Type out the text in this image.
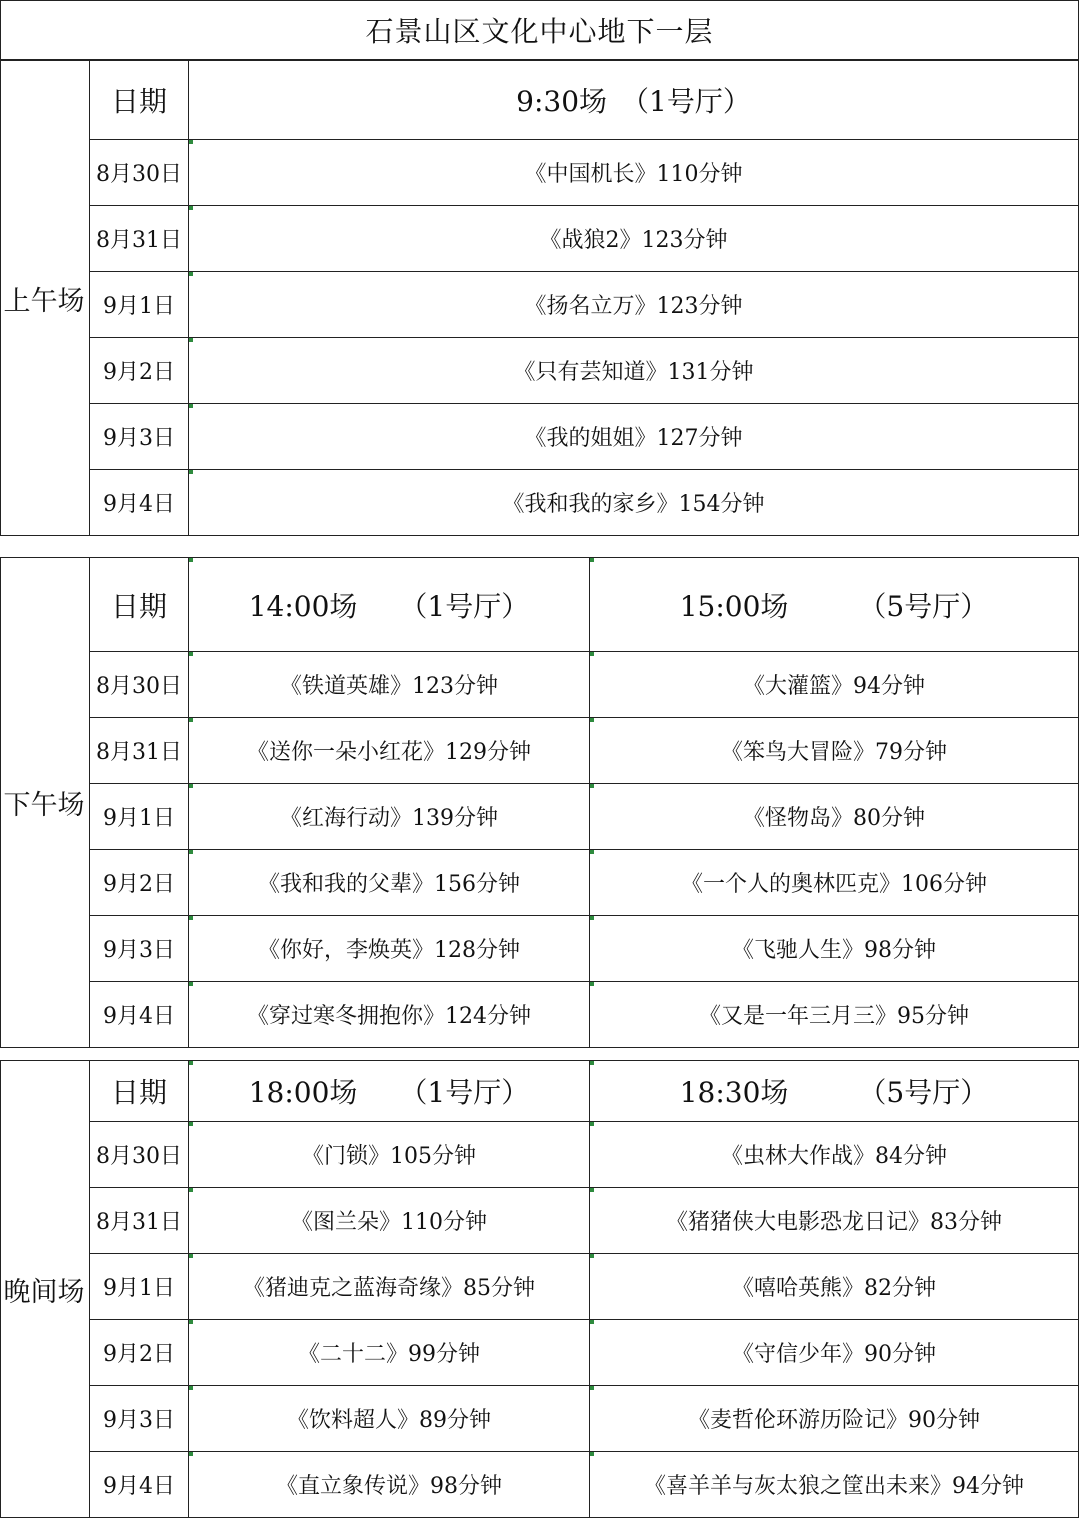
石景山区文化中心地下一层
上午场	日期	9:30场　（1号厅）
	8月30日	《中国机长》110分钟
	8月31日	《战狼2》123分钟
	9月1日	《扬名立万》123分钟
	9月2日	《只有芸知道》131分钟
	9月3日	《我的姐姐》127分钟
	9月4日	《我和我的家乡》154分钟
下午场	日期	14:00场　　（1号厅）	15:00场　　　（5号厅）
	8月30日	《铁道英雄》123分钟	《大灌篮》94分钟
	8月31日	《送你一朵小红花》129分钟	《笨鸟大冒险》79分钟
	9月1日	《红海行动》139分钟	《怪物岛》80分钟
	9月2日	《我和我的父辈》156分钟	《一个人的奥林匹克》106分钟
	9月3日	《你好，李焕英》128分钟	《飞驰人生》98分钟
	9月4日	《穿过寒冬拥抱你》124分钟	《又是一年三月三》95分钟
晚间场	日期	18:00场　　（1号厅）	18:30场　　　（5号厅）
	8月30日	《门锁》105分钟	《虫林大作战》84分钟
	8月31日	《图兰朵》110分钟	《猪猪侠大电影恐龙日记》83分钟
	9月1日	《猪迪克之蓝海奇缘》85分钟	《嘻哈英熊》82分钟
	9月2日	《二十二》99分钟	《守信少年》90分钟
	9月3日	《饮料超人》89分钟	《麦哲伦环游历险记》90分钟
	9月4日	《直立象传说》98分钟	《喜羊羊与灰太狼之筐出未来》94分钟
